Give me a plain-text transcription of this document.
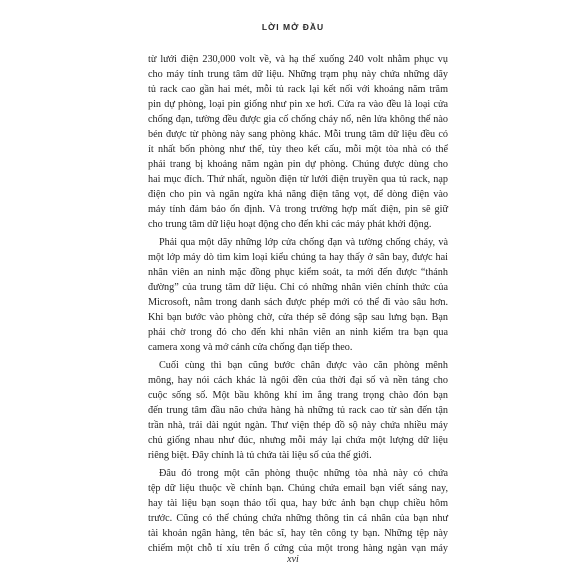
LỜI MỞ ĐẦU
từ lưới điện 230,000 volt về, và hạ thế xuống 240 volt nhằm phục vụ
cho máy tính trung tâm dữ liệu. Những trạm phụ này chứa những dãy
tủ rack cao gần hai mét, mỗi tủ rack lại kết nối với khoảng năm trăm
pin dự phòng, loại pin giống như pin xe hơi. Cửa ra vào đều là loại cửa
chống đạn, tường đều được gia cố chống cháy nổ, nên lửa không thể nào
bén được từ phòng này sang phòng khác. Mỗi trung tâm dữ liệu đều có
ít nhất bốn phòng như thế, tùy theo kết cấu, mỗi một tòa nhà có thể
phải trang bị khoảng năm ngàn pin dự phòng. Chúng được dùng cho
hai mục đích. Thứ nhất, nguồn điện từ lưới điện truyền qua tủ rack, nạp
điện cho pin và ngăn ngừa khả năng điện tăng vọt, để dòng điện vào
máy tính đảm bảo ổn định. Và trong trường hợp mất điện, pin sẽ giữ
cho trung tâm dữ liệu hoạt động cho đến khi các máy phát khởi động.
Phải qua một dãy những lớp cửa chống đạn và tường chống cháy, và
một lớp máy dò tìm kim loại kiểu chúng ta hay thấy ở sân bay, được hai
nhân viên an ninh mặc đồng phục kiểm soát, ta mới đến được “thánh
đường” của trung tâm dữ liệu. Chỉ có những nhân viên chính thức của
Microsoft, nằm trong danh sách được phép mới có thể đi vào sâu hơn.
Khi bạn bước vào phòng chờ, cửa thép sẽ đóng sập sau lưng bạn. Bạn
phải chờ trong đó cho đến khi nhân viên an ninh kiểm tra bạn qua
camera xong và mở cánh cửa chống đạn tiếp theo.
Cuối cùng thì bạn cũng bước chân được vào căn phòng mênh
mông, hay nói cách khác là ngôi đền của thời đại số và nền tảng cho
cuộc sống số. Một bầu không khí im ắng trang trọng chào đón bạn
đến trung tâm đầu não chứa hàng hà những tủ rack cao từ sàn đến tận
trần nhà, trải dài ngút ngàn. Thư viện thép đồ sộ này chứa nhiều máy
chủ giống nhau như đúc, nhưng mỗi máy lại chứa một lượng dữ liệu
riêng biệt. Đây chính là tủ chứa tài liệu số của thế giới.
Đâu đó trong một căn phòng thuộc những tòa nhà này có chứa
tệp dữ liệu thuộc về chính bạn. Chúng chứa email bạn viết sáng nay,
hay tài liệu bạn soạn thảo tối qua, hay bức ảnh bạn chụp chiều hôm
trước. Cũng có thể chúng chứa những thông tin cá nhân của bạn như
tài khoản ngân hàng, tên bác sĩ, hay tên công ty bạn. Những tệp này
chiếm một chỗ tí xíu trên ổ cứng của một trong hàng ngàn vạn máy
xvi
